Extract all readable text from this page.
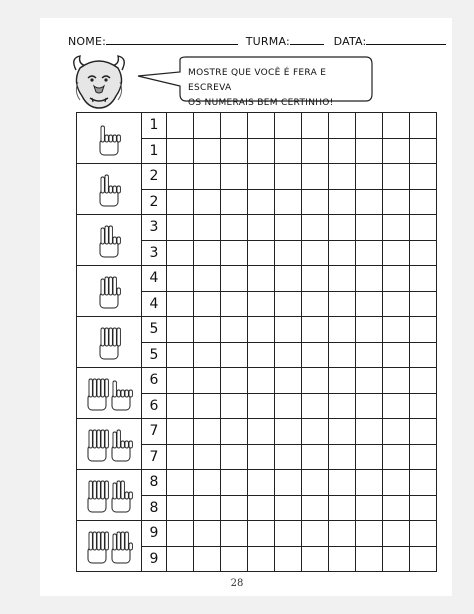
NOME:	TURMA:	DATA:
MOSTRE QUE VOCÊ É FERA E ESCREVA
OS NUMERAIS BEM CERTINHO!
	1										
	1										
	2										
	2										
	3										
	3										
	4										
	4										
	5										
	5										
	6										
	6										
	7										
	7										
	8										
	8										
	9										
	9										
28
